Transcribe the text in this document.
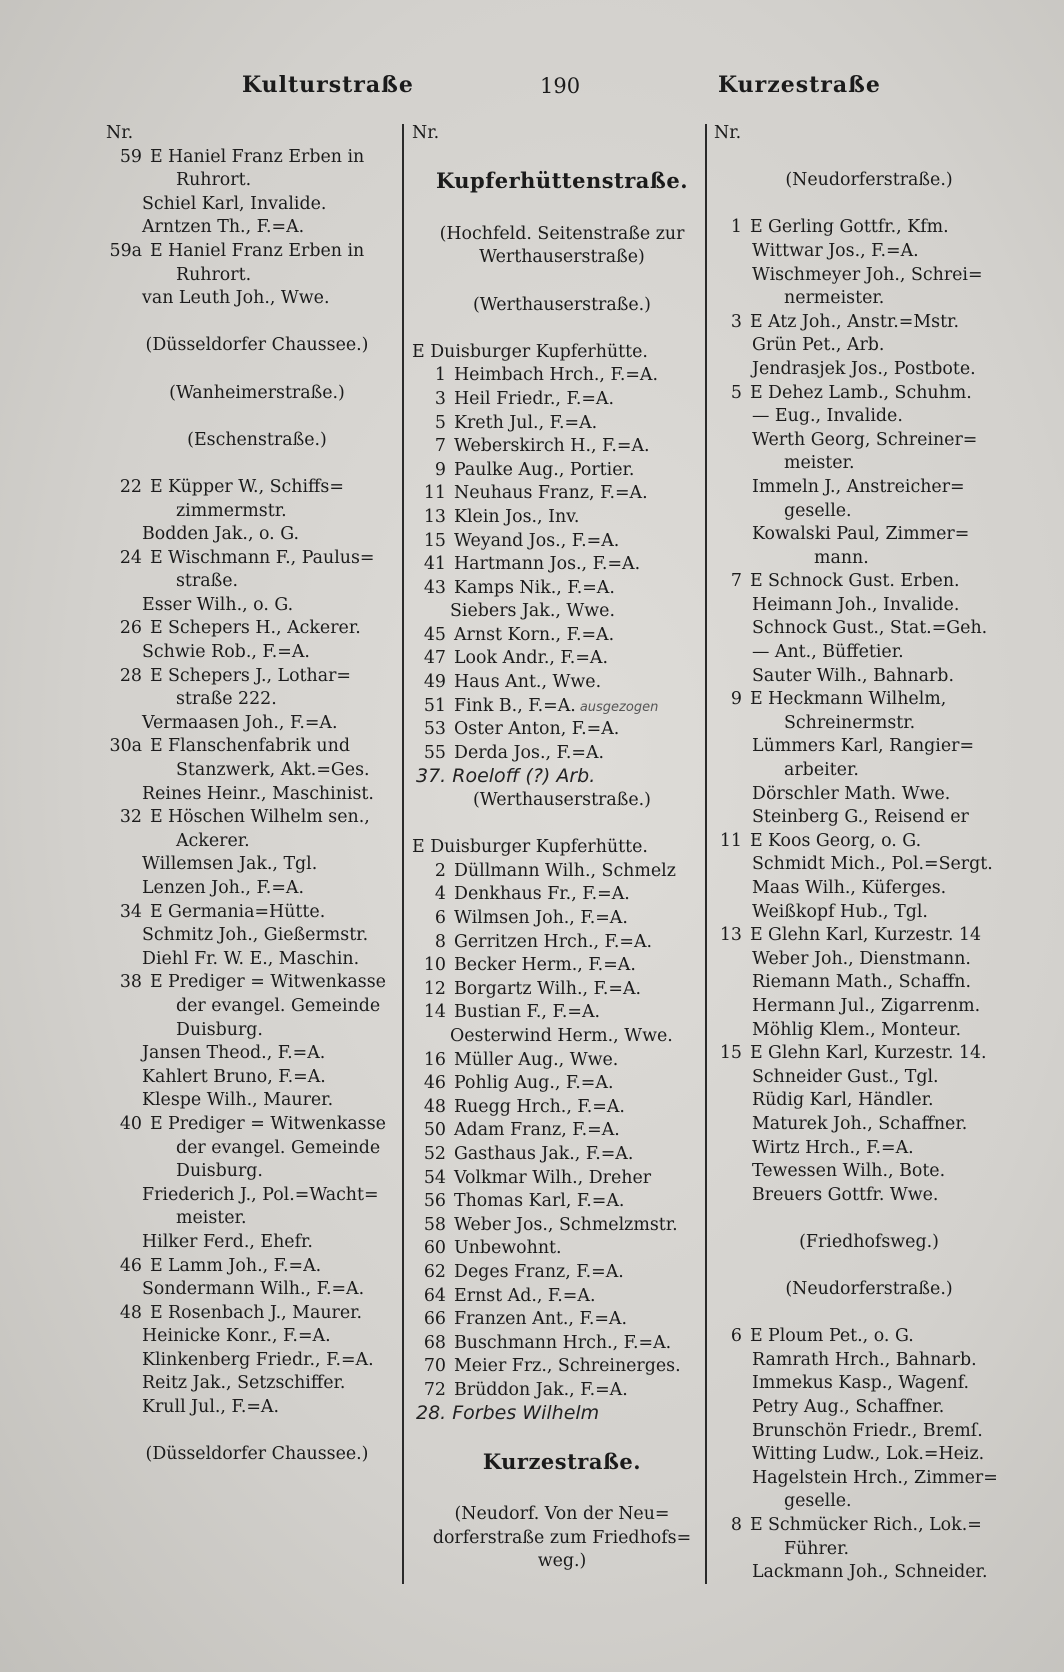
Kulturstraße	190	Kurzestraße
Nr.
59 E Haniel Franz Erben in
Ruhrort.
Schiel Karl, Invalide.
Arntzen Th., F.=A.
59a E Haniel Franz Erben in
Ruhrort.
van Leuth Joh., Wwe.
(Düsseldorfer Chaussee.)
(Wanheimerstraße.)
(Eschenstraße.)
22 E Küpper W., Schiffs=
zimmermstr.
Bodden Jak., o. G.
24 E Wischmann F., Paulus=
straße.
Esser Wilh., o. G.
26 E Schepers H., Ackerer.
Schwie Rob., F.=A.
28 E Schepers J., Lothar=
straße 222.
Vermaasen Joh., F.=A.
30a E Flanschenfabrik und
Stanzwerk, Akt.=Ges.
Reines Heinr., Maschinist.
32 E Höschen Wilhelm sen.,
Ackerer.
Willemsen Jak., Tgl.
Lenzen Joh., F.=A.
34 E Germania=Hütte.
Schmitz Joh., Gießermstr.
Diehl Fr. W. E., Maschin.
38 E Prediger = Witwenkasse
der evangel. Gemeinde
Duisburg.
Jansen Theod., F.=A.
Kahlert Bruno, F.=A.
Klespe Wilh., Maurer.
40 E Prediger = Witwenkasse
der evangel. Gemeinde
Duisburg.
Friederich J., Pol.=Wacht=
meister.
Hilker Ferd., Ehefr.
46 E Lamm Joh., F.=A.
Sondermann Wilh., F.=A.
48 E Rosenbach J., Maurer.
Heinicke Konr., F.=A.
Klinkenberg Friedr., F.=A.
Reitz Jak., Setzschiffer.
Krull Jul., F.=A.
(Düsseldorfer Chaussee.)
Nr.
Kupferhüttenstraße.
(Hochfeld. Seitenstraße zur
Werthauserstraße)
(Werthauserstraße.)
E Duisburger Kupferhütte.
1 Heimbach Hrch., F.=A.
3 Heil Friedr., F.=A.
5 Kreth Jul., F.=A.
7 Weberskirch H., F.=A.
9 Paulke Aug., Portier.
11 Neuhaus Franz, F.=A.
13 Klein Jos., Inv.
15 Weyand Jos., F.=A.
41 Hartmann Jos., F.=A.
43 Kamps Nik., F.=A.
Siebers Jak., Wwe.
45 Arnst Korn., F.=A.
47 Look Andr., F.=A.
49 Haus Ant., Wwe.
51 Fink B., F.=A. ausgezogen
53 Oster Anton, F.=A.
55 Derda Jos., F.=A.
37. Roeloff (?) Arb.
(Werthauserstraße.)
E Duisburger Kupferhütte.
2 Düllmann Wilh., Schmelz
4 Denkhaus Fr., F.=A.
6 Wilmsen Joh., F.=A.
8 Gerritzen Hrch., F.=A.
10 Becker Herm., F.=A.
12 Borgartz Wilh., F.=A.
14 Bustian F., F.=A.
Oesterwind Herm., Wwe.
16 Müller Aug., Wwe.
46 Pohlig Aug., F.=A.
48 Ruegg Hrch., F.=A.
50 Adam Franz, F.=A.
52 Gasthaus Jak., F.=A.
54 Volkmar Wilh., Dreher
56 Thomas Karl, F.=A.
58 Weber Jos., Schmelzmstr.
60 Unbewohnt.
62 Deges Franz, F.=A.
64 Ernst Ad., F.=A.
66 Franzen Ant., F.=A.
68 Buschmann Hrch., F.=A.
70 Meier Frz., Schreinerges.
72 Brüddon Jak., F.=A.
28. Forbes Wilhelm
Kurzestraße.
(Neudorf. Von der Neu=
dorferstraße zum Friedhofs=
weg.)
Nr.
(Neudorferstraße.)
1 E Gerling Gottfr., Kfm.
Wittwar Jos., F.=A.
Wischmeyer Joh., Schrei=
nermeister.
3 E Atz Joh., Anstr.=Mstr.
Grün Pet., Arb.
Jendrasjek Jos., Postbote.
5 E Dehez Lamb., Schuhm.
— Eug., Invalide.
Werth Georg, Schreiner=
meister.
Immeln J., Anstreicher=
geselle.
Kowalski Paul, Zimmer=
mann.
7 E Schnock Gust. Erben.
Heimann Joh., Invalide.
Schnock Gust., Stat.=Geh.
— Ant., Büffetier.
Sauter Wilh., Bahnarb.
9 E Heckmann Wilhelm,
Schreinermstr.
Lümmers Karl, Rangier=
arbeiter.
Dörschler Math. Wwe.
Steinberg G., Reisend er
11 E Koos Georg, o. G.
Schmidt Mich., Pol.=Sergt.
Maas Wilh., Küferges.
Weißkopf Hub., Tgl.
13 E Glehn Karl, Kurzestr. 14
Weber Joh., Dienstmann.
Riemann Math., Schaffn.
Hermann Jul., Zigarrenm.
Möhlig Klem., Monteur.
15 E Glehn Karl, Kurzestr. 14.
Schneider Gust., Tgl.
Rüdig Karl, Händler.
Maturek Joh., Schaffner.
Wirtz Hrch., F.=A.
Tewessen Wilh., Bote.
Breuers Gottfr. Wwe.
(Friedhofsweg.)
(Neudorferstraße.)
6 E Ploum Pet., o. G.
Ramrath Hrch., Bahnarb.
Immekus Kasp., Wagenf.
Petry Aug., Schaffner.
Brunschön Friedr., Bremſ.
Witting Ludw., Lok.=Heiz.
Hagelstein Hrch., Zimmer=
geselle.
8 E Schmücker Rich., Lok.=
Führer.
Lackmann Joh., Schneider.
